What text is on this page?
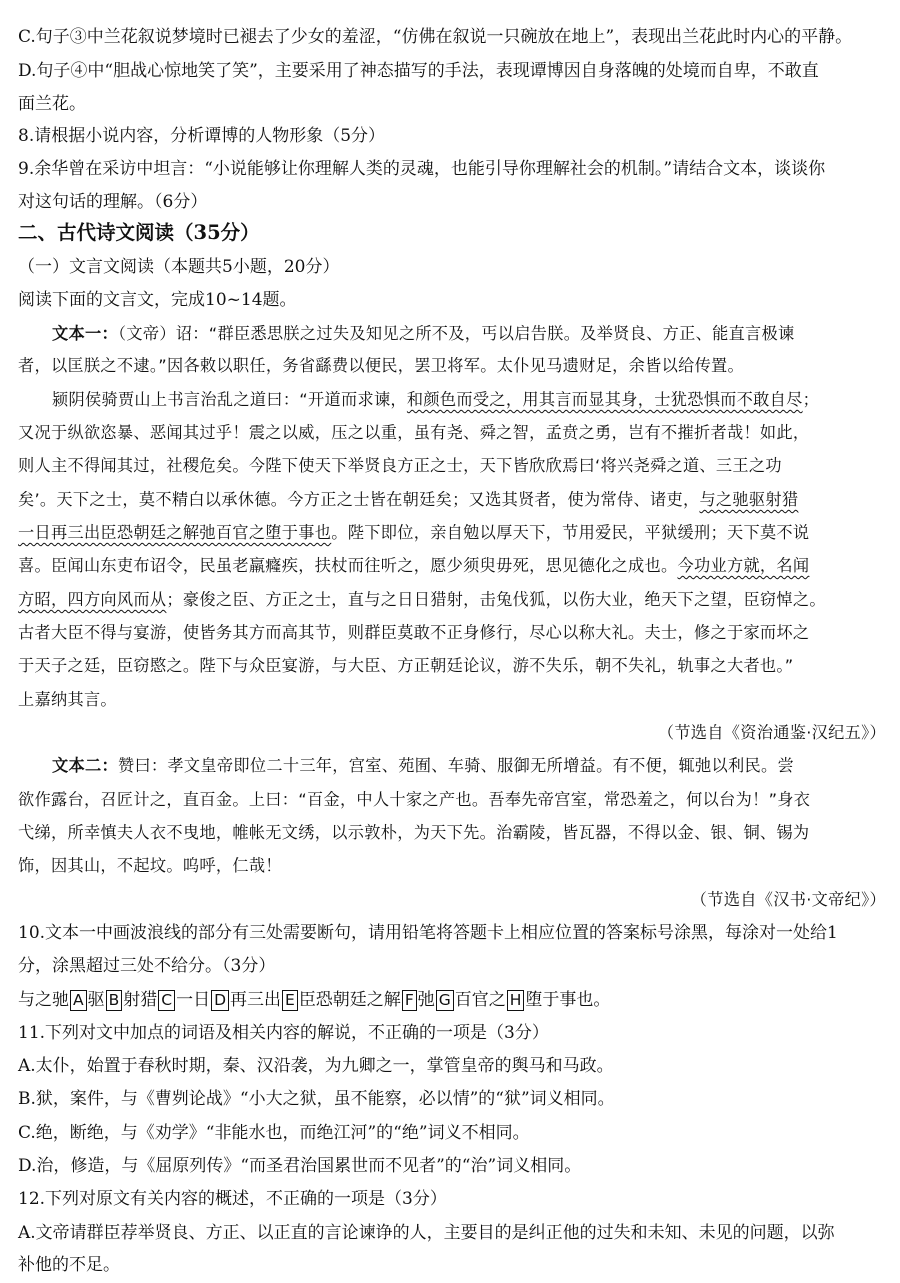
C.句子③中兰花叙说梦境时已褪去了少女的羞涩，“仿佛在叙说一只碗放在地上”，表现出兰花此时内心的平静。
D.句子④中“胆战心惊地笑了笑”，主要采用了神态描写的手法，表现谭博因自身落魄的处境而自卑，不敢直
面兰花。
8.请根据小说内容，分析谭博的人物形象（5分）
9.余华曾在采访中坦言：“小说能够让你理解人类的灵魂，也能引导你理解社会的机制。”请结合文本，谈谈你
对这句话的理解。（6分）
二、古代诗文阅读（35分）
（一）文言文阅读（本题共5小题，20分）
阅读下面的文言文，完成10~14题。
文本一：（文帝）诏：“群臣悉思朕之过失及知见之所不及，丐以启告朕。及举贤良、方正、能直言极谏
者，以匡朕之不逮。”因各敕以职任，务省繇费以便民，罢卫将军。太仆见马遗财足，余皆以给传置。
颍阴侯骑贾山上书言治乱之道曰：“开道而求谏，和颜色而受之，用其言而显其身，士犹恐惧而不敢自尽；
又况于纵欲恣暴、恶闻其过乎！震之以威，压之以重，虽有尧、舜之智，孟贲之勇，岂有不摧折者哉！如此，
则人主不得闻其过，社稷危矣。今陛下使天下举贤良方正之士，天下皆欣欣焉曰‘将兴尧舜之道、三王之功
矣’。天下之士，莫不精白以承休德。今方正之士皆在朝廷矣；又选其贤者，使为常侍、诸吏，与之驰驱射猎
一日再三出臣恐朝廷之解弛百官之堕于事也。陛下即位，亲自勉以厚天下，节用爱民，平狱缓刑；天下莫不说
喜。臣闻山东吏布诏令，民虽老羸癃疾，扶杖而往听之，愿少须臾毋死，思见德化之成也。今功业方就，名闻
方昭，四方向风而从；豪俊之臣、方正之士，直与之日日猎射，击兔伐狐，以伤大业，绝天下之望，臣窃悼之。
古者大臣不得与宴游，使皆务其方而高其节，则群臣莫敢不正身修行，尽心以称大礼。夫士，修之于家而坏之
于天子之廷，臣窃愍之。陛下与众臣宴游，与大臣、方正朝廷论议，游不失乐，朝不失礼，轨事之大者也。”
上嘉纳其言。
（节选自《资治通鉴·汉纪五》）
文本二：赞曰：孝文皇帝即位二十三年，宫室、苑囿、车骑、服御无所增益。有不便，辄弛以利民。尝
欲作露台，召匠计之，直百金。上曰：“百金，中人十家之产也。吾奉先帝宫室，常恐羞之，何以台为！”身衣
弋绨，所幸慎夫人衣不曳地，帷帐无文绣，以示敦朴，为天下先。治霸陵，皆瓦器，不得以金、银、铜、锡为
饰，因其山，不起坟。呜呼，仁哉！
（节选自《汉书·文帝纪》）
10.文本一中画波浪线的部分有三处需要断句，请用铅笔将答题卡上相应位置的答案标号涂黑，每涂对一处给1
分，涂黑超过三处不给分。（3分）
与之驰 A 驱 B 射猎 C 一日 D 再三出 E 臣恐朝廷之解 F 弛 G 百官之 H 堕于事也。
11.下列对文中加点的词语及相关内容的解说，不正确的一项是（3分）
A.太仆，始置于春秋时期，秦、汉沿袭，为九卿之一，掌管皇帝的舆马和马政。
B.狱，案件，与《曹刿论战》“小大之狱，虽不能察，必以情”的“狱”词义相同。
C.绝，断绝，与《劝学》“非能水也，而绝江河”的“绝”词义不相同。
D.治，修造，与《屈原列传》“而圣君治国累世而不见者”的“治”词义相同。
12.下列对原文有关内容的概述，不正确的一项是（3分）
A.文帝请群臣荐举贤良、方正、以正直的言论谏诤的人，主要目的是纠正他的过失和未知、未见的问题，以弥
补他的不足。
